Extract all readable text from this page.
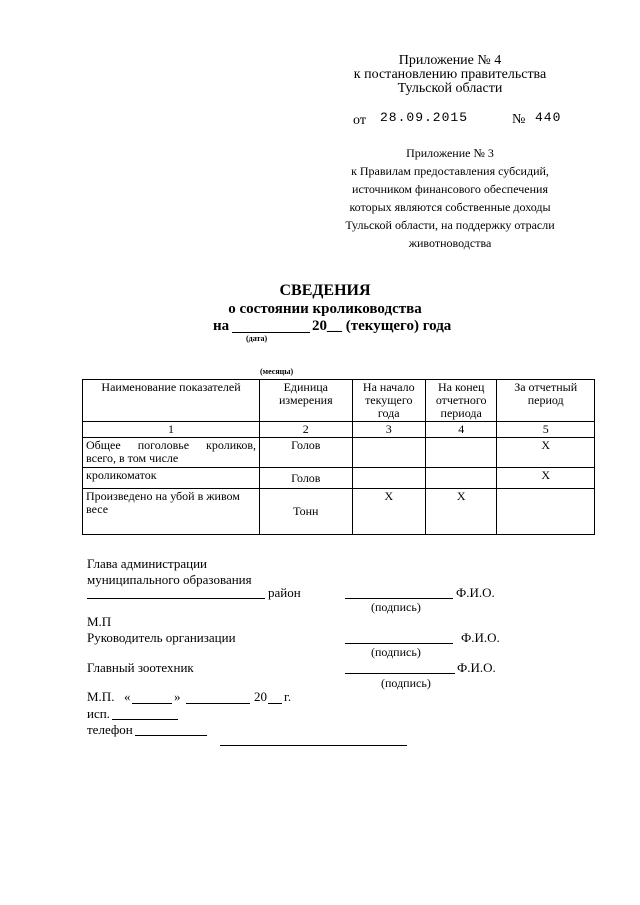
Приложение № 4
к постановлению правительства
Тульской области
от 28.09.2015	№ 440
Приложение № 3
к Правилам предоставления субсидий,
источником финансового обеспечения
которых являются собственные доходы
Тульской области, на поддержку отрасли
животноводства
СВЕДЕНИЯ
о состоянии кролиководства
на	20__ (текущего) года
(дата)
(месяцы)
Наименование показателей	Единица измерения	На начало текущего года	На конец отчетного периода	За отчетный период
1	2	3	4	5
Общее поголовье кроликов, всего, в том числе	Голов			X
кроликоматок	Голов			X
Произведено на убой в живом весе	Тонн	X	X	
Глава администрации
муниципального образования
район	Ф.И.О.
(подпись)
М.П
Руководитель организации	Ф.И.О.
(подпись)
Главный зоотехник	Ф.И.О.
(подпись)
М.П. «	»	20 г.
исп.
телефон
